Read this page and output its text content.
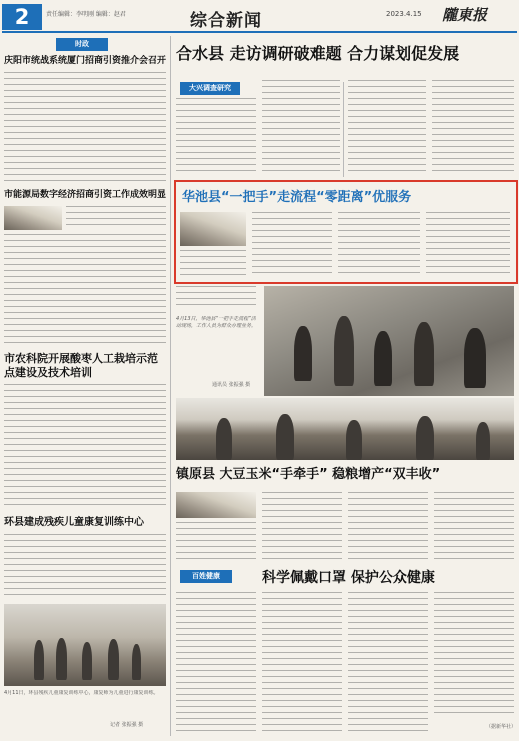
2	责任编辑：李明刚 编辑：赵君	综合新闻	2023.4.15 隴東报
时政
庆阳市统战系统厦门招商引资推介会召开
市能源局数字经济招商引资工作成效明显
市农科院开展酸枣人工栽培示范点建设及技术培训
环县建成残疾儿童康复训练中心
4月11日，环县残疾儿童康复训练中心，康复师为儿童进行康复训练。
记者 张振强 摄
合水县 走访调研破难题 合力谋划促发展
大兴调查研究
华池县“一把手”走流程“零距离”优服务
4月13日，华池县“一把手走流程”活动现场，工作人员为群众办理业务。
通讯员 张振强 摄
镇原县 大豆玉米“手牵手” 稳粮增产“双丰收”
百姓健康	科学佩戴口罩 保护公众健康
（据新华社）
